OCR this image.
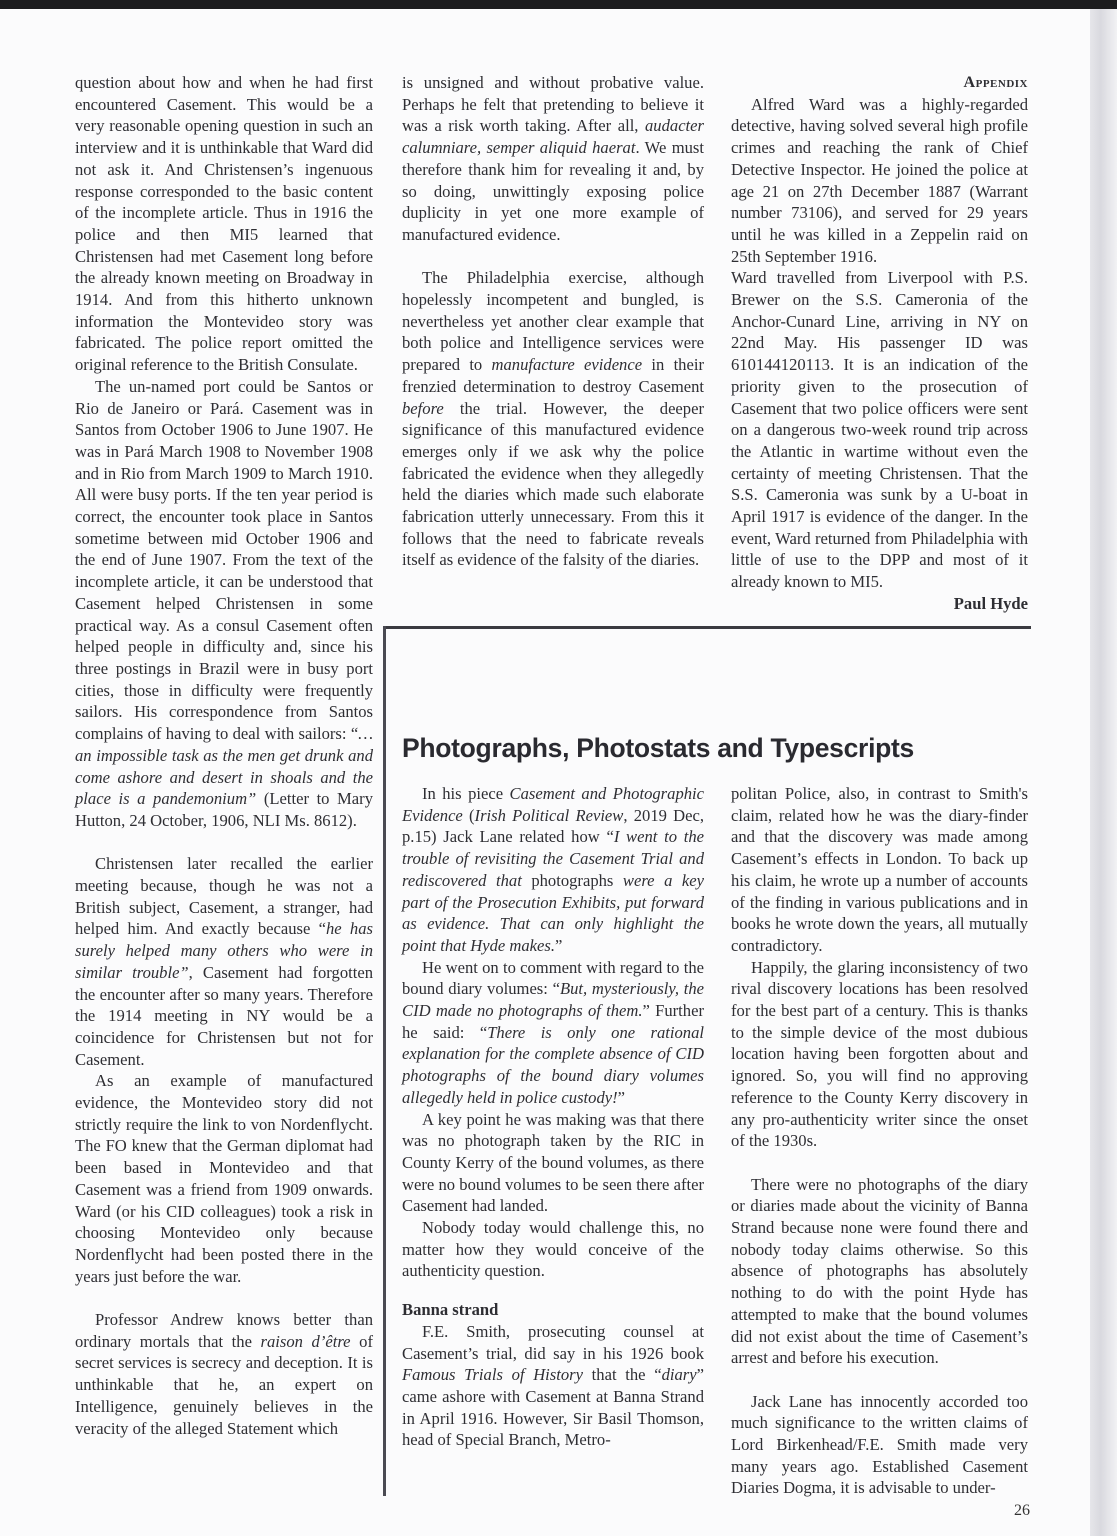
question about how and when he had first encountered Casement. This would be a very reasonable opening question in such an interview and it is unthinkable that Ward did not ask it. And Christensen’s ingenuous response corresponded to the basic content of the incomplete article. Thus in 1916 the police and then MI5 learned that Christensen had met Casement long before the already known meeting on Broadway in 1914. And from this hitherto unknown information the Montevideo story was fabricated. The police report omitted the original reference to the British Consulate.

The un-named port could be Santos or Rio de Janeiro or Pará. Casement was in Santos from October 1906 to June 1907. He was in Pará March 1908 to November 1908 and in Rio from March 1909 to March 1910. All were busy ports. If the ten year period is correct, the encounter took place in Santos sometime between mid October 1906 and the end of June 1907. From the text of the incomplete article, it can be understood that Casement helped Christensen in some practical way. As a consul Casement often helped people in difficulty and, since his three postings in Brazil were in busy port cities, those in difficulty were frequently sailors. His correspondence from Santos complains of having to deal with sailors: “…an impossible task as the men get drunk and come ashore and desert in shoals and the place is a pandemonium” (Letter to Mary Hutton, 24 October, 1906, NLI Ms. 8612).

Christensen later recalled the earlier meeting because, though he was not a British subject, Casement, a stranger, had helped him. And exactly because “he has surely helped many others who were in similar trouble”, Casement had forgotten the encounter after so many years. Therefore the 1914 meeting in NY would be a coincidence for Christensen but not for Casement.

As an example of manufactured evidence, the Montevideo story did not strictly require the link to von Nordenflycht. The FO knew that the German diplomat had been based in Montevideo and that Casement was a friend from 1909 onwards. Ward (or his CID colleagues) took a risk in choosing Montevideo only because Nordenflycht had been posted there in the years just before the war.

Professor Andrew knows better than ordinary mortals that the raison d’être of secret services is secrecy and deception. It is unthinkable that he, an expert on Intelligence, genuinely believes in the veracity of the alleged Statement which

is unsigned and without probative value. Perhaps he felt that pretending to believe it was a risk worth taking. After all, audacter calumniare, semper aliquid haerat. We must therefore thank him for revealing it and, by so doing, unwittingly exposing police duplicity in yet one more example of manufactured evidence.

The Philadelphia exercise, although hopelessly incompetent and bungled, is nevertheless yet another clear example that both police and Intelligence services were prepared to manufacture evidence in their frenzied determination to destroy Casement before the trial. However, the deeper significance of this manufactured evidence emerges only if we ask why the police fabricated the evidence when they allegedly held the diaries which made such elaborate fabrication utterly unnecessary. From this it follows that the need to fabricate reveals itself as evidence of the falsity of the diaries.

Appendix

Alfred Ward was a highly-regarded detective, having solved several high profile crimes and reaching the rank of Chief Detective Inspector. He joined the police at age 21 on 27th December 1887 (Warrant number 73106), and served for 29 years until he was killed in a Zeppelin raid on 25th September 1916.

Ward travelled from Liverpool with P.S. Brewer on the S.S. Cameronia of the Anchor-Cunard Line, arriving in NY on 22nd May. His passenger ID was 610144120113. It is an indication of the priority given to the prosecution of Casement that two police officers were sent on a dangerous two-week round trip across the Atlantic in wartime without even the certainty of meeting Christensen. That the S.S. Cameronia was sunk by a U-boat in April 1917 is evidence of the danger. In the event, Ward returned from Philadelphia with little of use to the DPP and most of it already known to MI5.

Paul Hyde
Photographs, Photostats and Typescripts

In his piece Casement and Photographic Evidence (Irish Political Review, 2019 Dec, p.15) Jack Lane related how “I went to the trouble of revisiting the Casement Trial and rediscovered that photographs were a key part of the Prosecution Exhibits, put forward as evidence. That can only highlight the point that Hyde makes.”

He went on to comment with regard to the bound diary volumes: “But, mysteriously, the CID made no photographs of them.” Further he said: “There is only one rational explanation for the complete absence of CID photographs of the bound diary volumes allegedly held in police custody!”

A key point he was making was that there was no photograph taken by the RIC in County Kerry of the bound volumes, as there were no bound volumes to be seen there after Casement had landed.

Nobody today would challenge this, no matter how they would conceive of the authenticity question.

Banna strand

F.E. Smith, prosecuting counsel at Casement’s trial, did say in his 1926 book Famous Trials of History that the “diary” came ashore with Casement at Banna Strand in April 1916. However, Sir Basil Thomson, head of Special Branch, Metro-

politan Police, also, in contrast to Smith's claim, related how he was the diary-finder and that the discovery was made among Casement’s effects in London. To back up his claim, he wrote up a number of accounts of the finding in various publications and in books he wrote down the years, all mutually contradictory.

Happily, the glaring inconsistency of two rival discovery locations has been resolved for the best part of a century. This is thanks to the simple device of the most dubious location having been forgotten about and ignored. So, you will find no approving reference to the County Kerry discovery in any pro-authenticity writer since the onset of the 1930s.

There were no photographs of the diary or diaries made about the vicinity of Banna Strand because none were found there and nobody today claims otherwise. So this absence of photographs has absolutely nothing to do with the point Hyde has attempted to make that the bound volumes did not exist about the time of Casement’s arrest and before his execution.

Jack Lane has innocently accorded too much significance to the written claims of Lord Birkenhead/F.E. Smith made very many years ago. Established Casement Diaries Dogma, it is advisable to under-

26
